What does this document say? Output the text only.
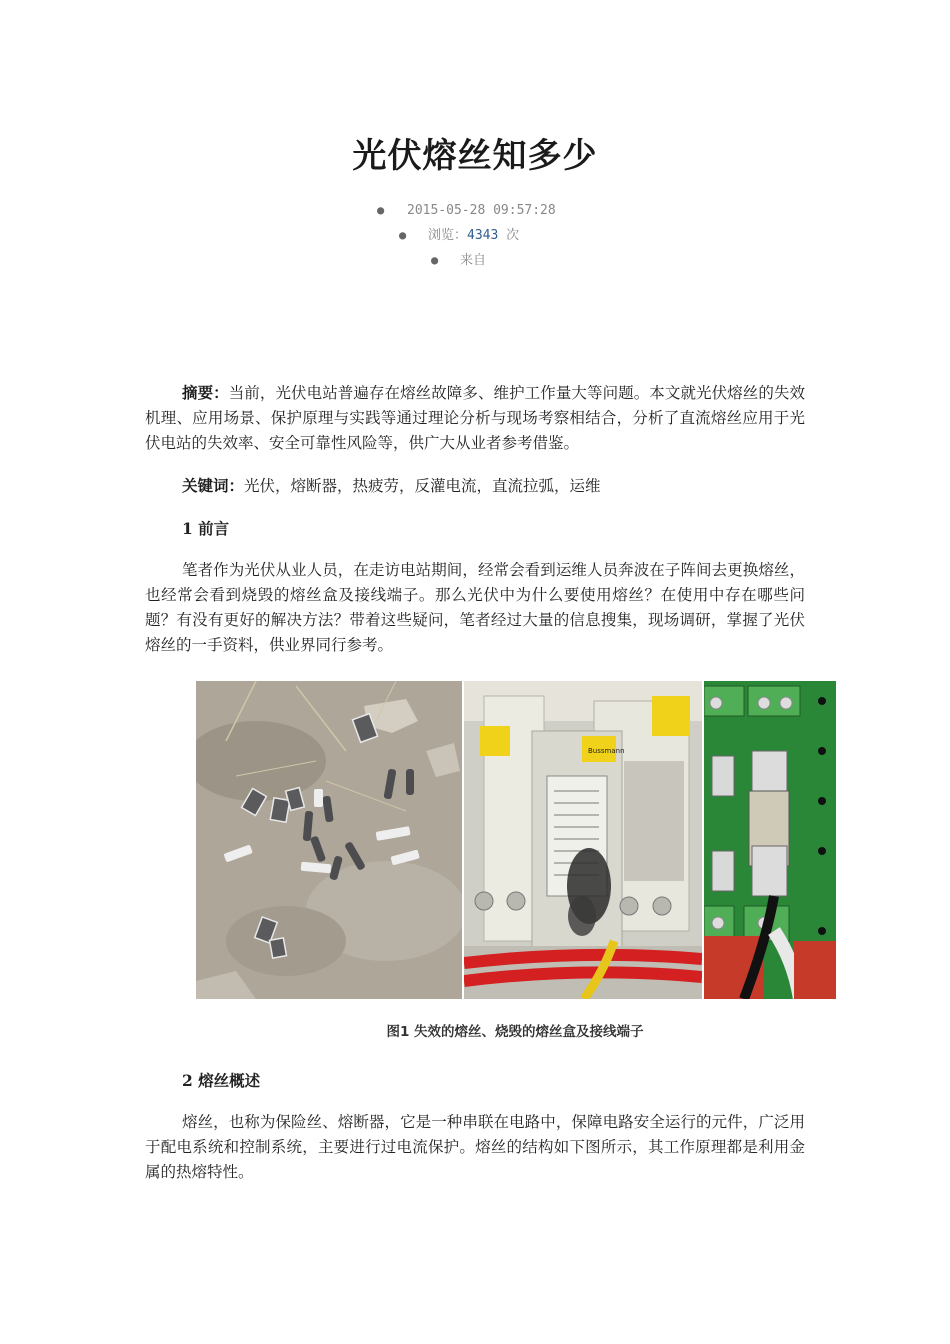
光伏熔丝知多少
● 2015-05-28 09:57:28
● 浏览：4343 次
● 来自

摘要：当前，光伏电站普遍存在熔丝故障多、维护工作量大等问题。本文就光伏熔丝的失效机理、应用场景、保护原理与实践等通过理论分析与现场考察相结合，分析了直流熔丝应用于光伏电站的失效率、安全可靠性风险等，供广大从业者参考借鉴。

关键词：光伏，熔断器，热疲劳，反灌电流，直流拉弧，运维

1 前言

笔者作为光伏从业人员，在走访电站期间，经常会看到运维人员奔波在子阵间去更换熔丝，也经常会看到烧毁的熔丝盒及接线端子。那么光伏中为什么要使用熔丝？在使用中存在哪些问题？有没有更好的解决方法？带着这些疑问，笔者经过大量的信息搜集，现场调研，掌握了光伏熔丝的一手资料，供业界同行参考。

Bussmann
图1 失效的熔丝、烧毁的熔丝盒及接线端子

2 熔丝概述

熔丝，也称为保险丝、熔断器，它是一种串联在电路中，保障电路安全运行的元件，广泛用于配电系统和控制系统，主要进行过电流保护。熔丝的结构如下图所示，其工作原理都是利用金属的热熔特性。
